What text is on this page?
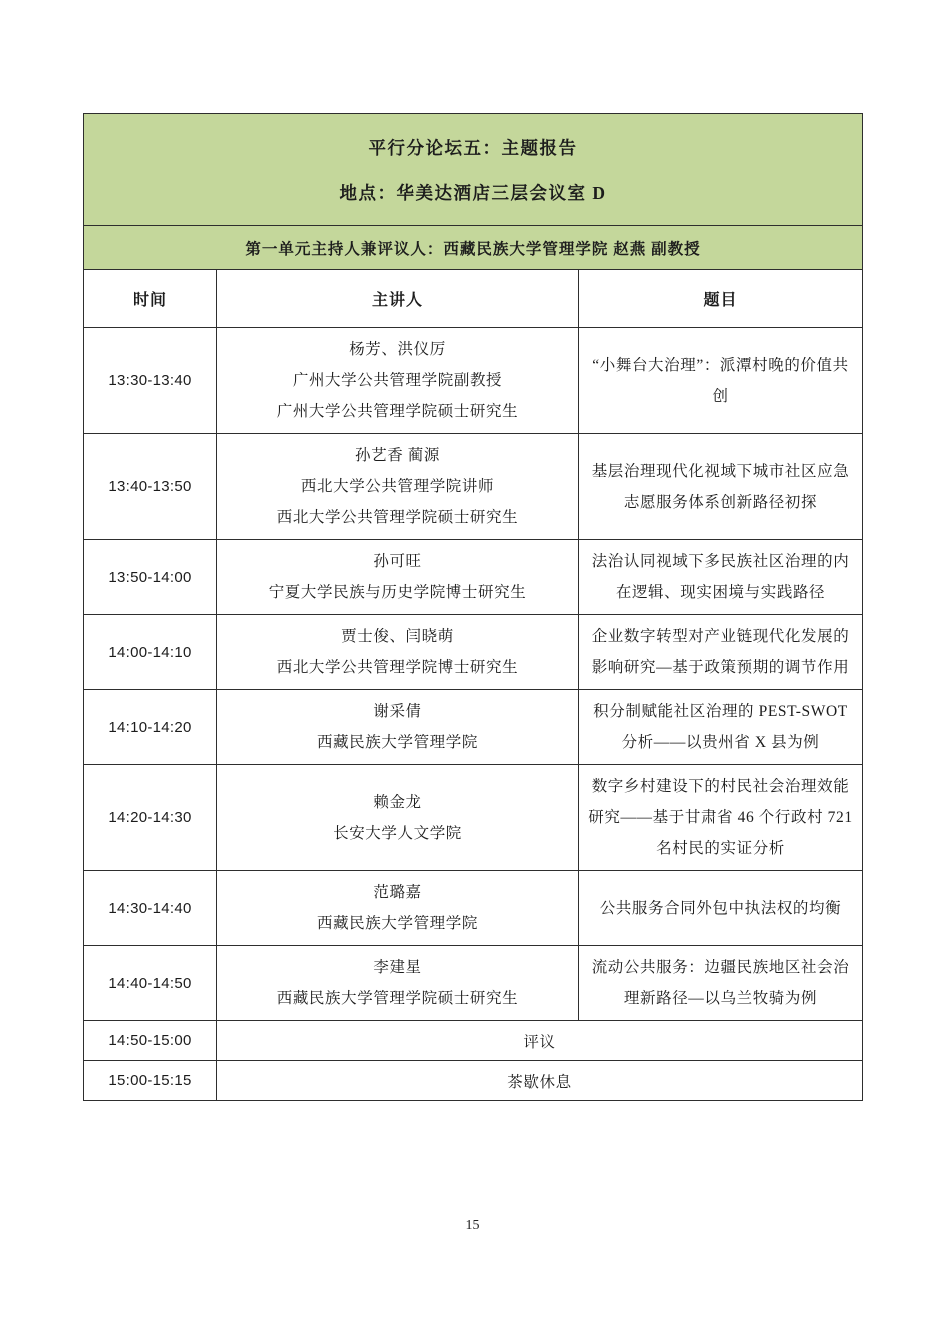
平行分论坛五：主题报告
地点：华美达酒店三层会议室 D		

第一单元主持人兼评议人：西藏民族大学管理学院 赵燕 副教授		
时间	主讲人	题目
13:30-13:40	杨芳、洪仪厉
广州大学公共管理学院副教授
广州大学公共管理学院硕士研究生	“小舞台大治理”：派潭村晚的价值共创
13:40-13:50	孙艺香 蔺源
西北大学公共管理学院讲师
西北大学公共管理学院硕士研究生	基层治理现代化视域下城市社区应急志愿服务体系创新路径初探
13:50-14:00	孙可旺
宁夏大学民族与历史学院博士研究生	法治认同视域下多民族社区治理的内在逻辑、现实困境与实践路径
14:00-14:10	贾士俊、闫晓萌
西北大学公共管理学院博士研究生	企业数字转型对产业链现代化发展的影响研究—基于政策预期的调节作用
14:10-14:20	谢采倩
西藏民族大学管理学院	积分制赋能社区治理的 PEST-SWOT 分析——以贵州省 X 县为例
14:20-14:30	赖金龙
长安大学人文学院	数字乡村建设下的村民社会治理效能研究——基于甘肃省 46 个行政村 721 名村民的实证分析
14:30-14:40	范璐嘉
西藏民族大学管理学院	公共服务合同外包中执法权的均衡
14:40-14:50	李建星
西藏民族大学管理学院硕士研究生	流动公共服务：边疆民族地区社会治理新路径—以乌兰牧骑为例
14:50-15:00	评议	
15:00-15:15	茶歇休息	
15
